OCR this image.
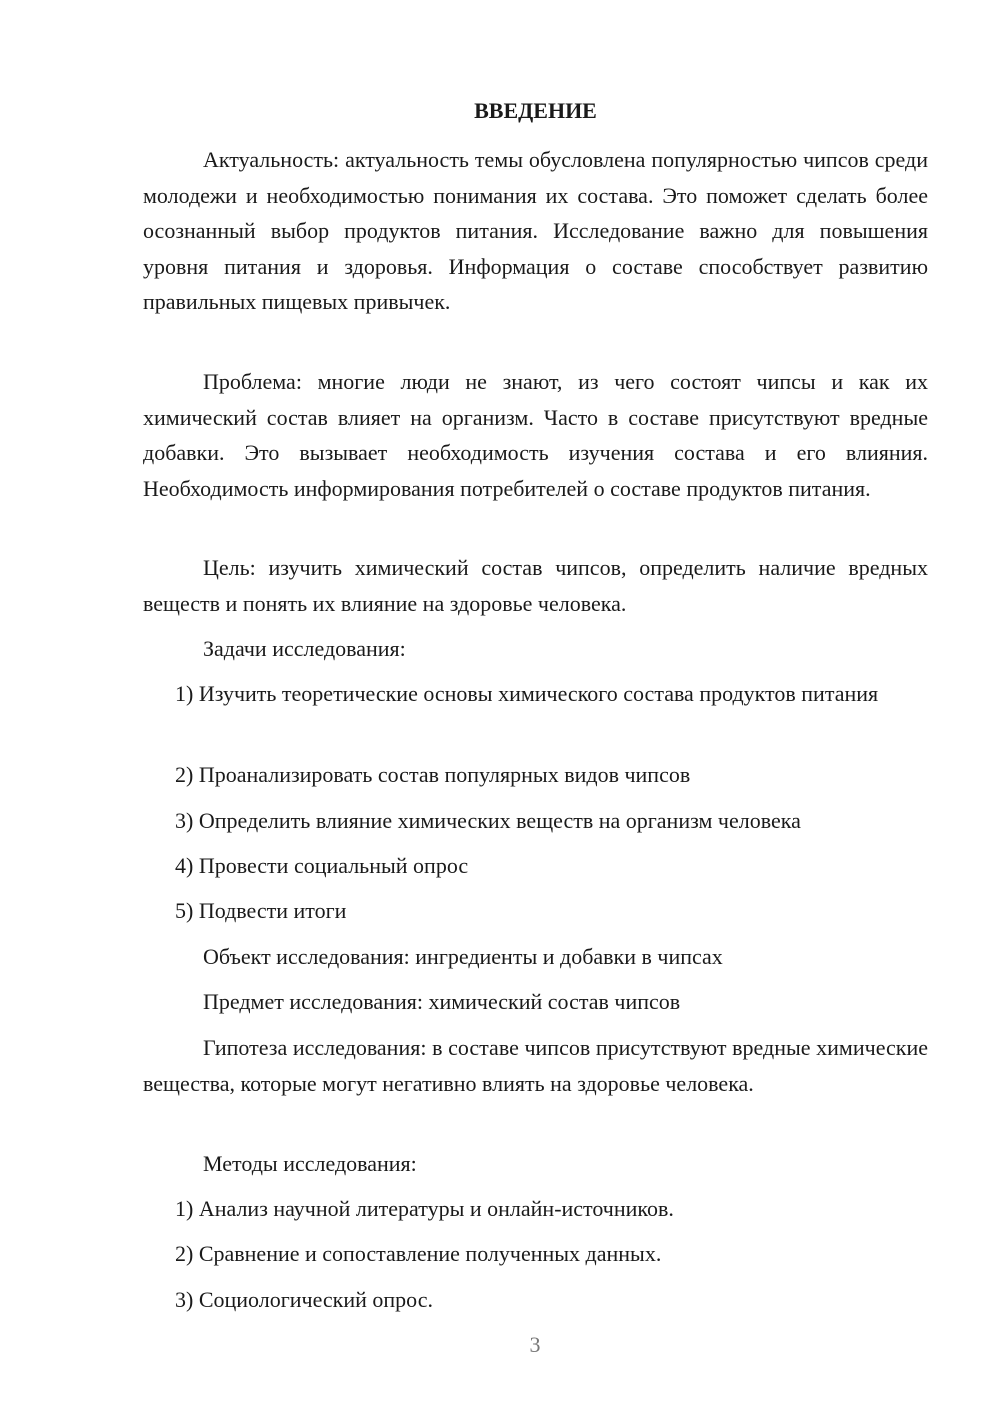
ВВЕДЕНИЕ

Актуальность: актуальность темы обусловлена популярностью чипсов среди молодежи и необходимостью понимания их состава. Это поможет сделать более осознанный выбор продуктов питания. Исследование важно для повышения уровня питания и здоровья. Информация о составе способствует развитию правильных пищевых привычек.

Проблема: многие люди не знают, из чего состоят чипсы и как их химический состав влияет на организм. Часто в составе присутствуют вредные добавки. Это вызывает необходимость изучения состава и его влияния. Необходимость информирования потребителей о составе продуктов питания.

Цель: изучить химический состав чипсов, определить наличие вредных веществ и понять их влияние на здоровье человека.

Задачи исследования:

1) Изучить теоретические основы химического состава продуктов питания

2) Проанализировать состав популярных видов чипсов

3) Определить влияние химических веществ на организм человека

4) Провести социальный опрос

5) Подвести итоги

Объект исследования: ингредиенты и добавки в чипсах

Предмет исследования: химический состав чипсов

Гипотеза исследования: в составе чипсов присутствуют вредные химические вещества, которые могут негативно влиять на здоровье человека.

Методы исследования:

1) Анализ научной литературы и онлайн-источников.

2) Сравнение и сопоставление полученных данных.

3) Социологический опрос.

3
